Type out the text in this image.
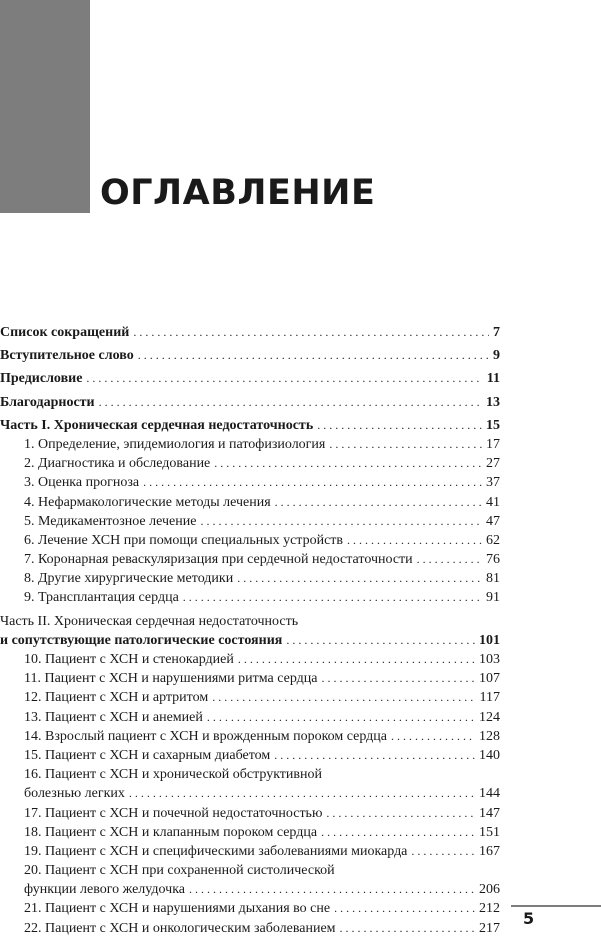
ОГЛАВЛЕНИЕ
Список сокращений . . .	7
Вступительное слово . . .	9
Предисловие . . .	11
Благодарности . . .	13
Часть I. Хроническая сердечная недостаточность . . .	15
1. Определение, эпидемиология и патофизиология . . .	17
2. Диагностика и обследование . . .	27
3. Оценка прогноза . . .	37
4. Нефармакологические методы лечения . . .	41
5. Медикаментозное лечение . . .	47
6. Лечение ХСН при помощи специальных устройств . . .	62
7. Коронарная реваскуляризация при сердечной недостаточности . . .	76
8. Другие хирургические методики . . .	81
9. Трансплантация сердца . . .	91
Часть II. Хроническая сердечная недостаточность
и сопутствующие патологические состояния . . .	101
10. Пациент с ХСН и стенокардией . . .	103
11. Пациент с ХСН и нарушениями ритма сердца . . .	107
12. Пациент с ХСН и артритом . . .	117
13. Пациент с ХСН и анемией . . .	124
14. Взрослый пациент с ХСН и врожденным пороком сердца . . .	128
15. Пациент с ХСН и сахарным диабетом . . .	140
16. Пациент с ХСН и хронической обструктивной
болезнью легких . . .	144
17. Пациент с ХСН и почечной недостаточностью . . .	147
18. Пациент с ХСН и клапанным пороком сердца . . .	151
19. Пациент с ХСН и специфическими заболеваниями миокарда . . .	167
20. Пациент с ХСН при сохраненной систолической
функции левого желудочка . . .	206
21. Пациент с ХСН и нарушениями дыхания во сне . . .	212
22. Пациент с ХСН и онкологическим заболеванием . . .	217
5
